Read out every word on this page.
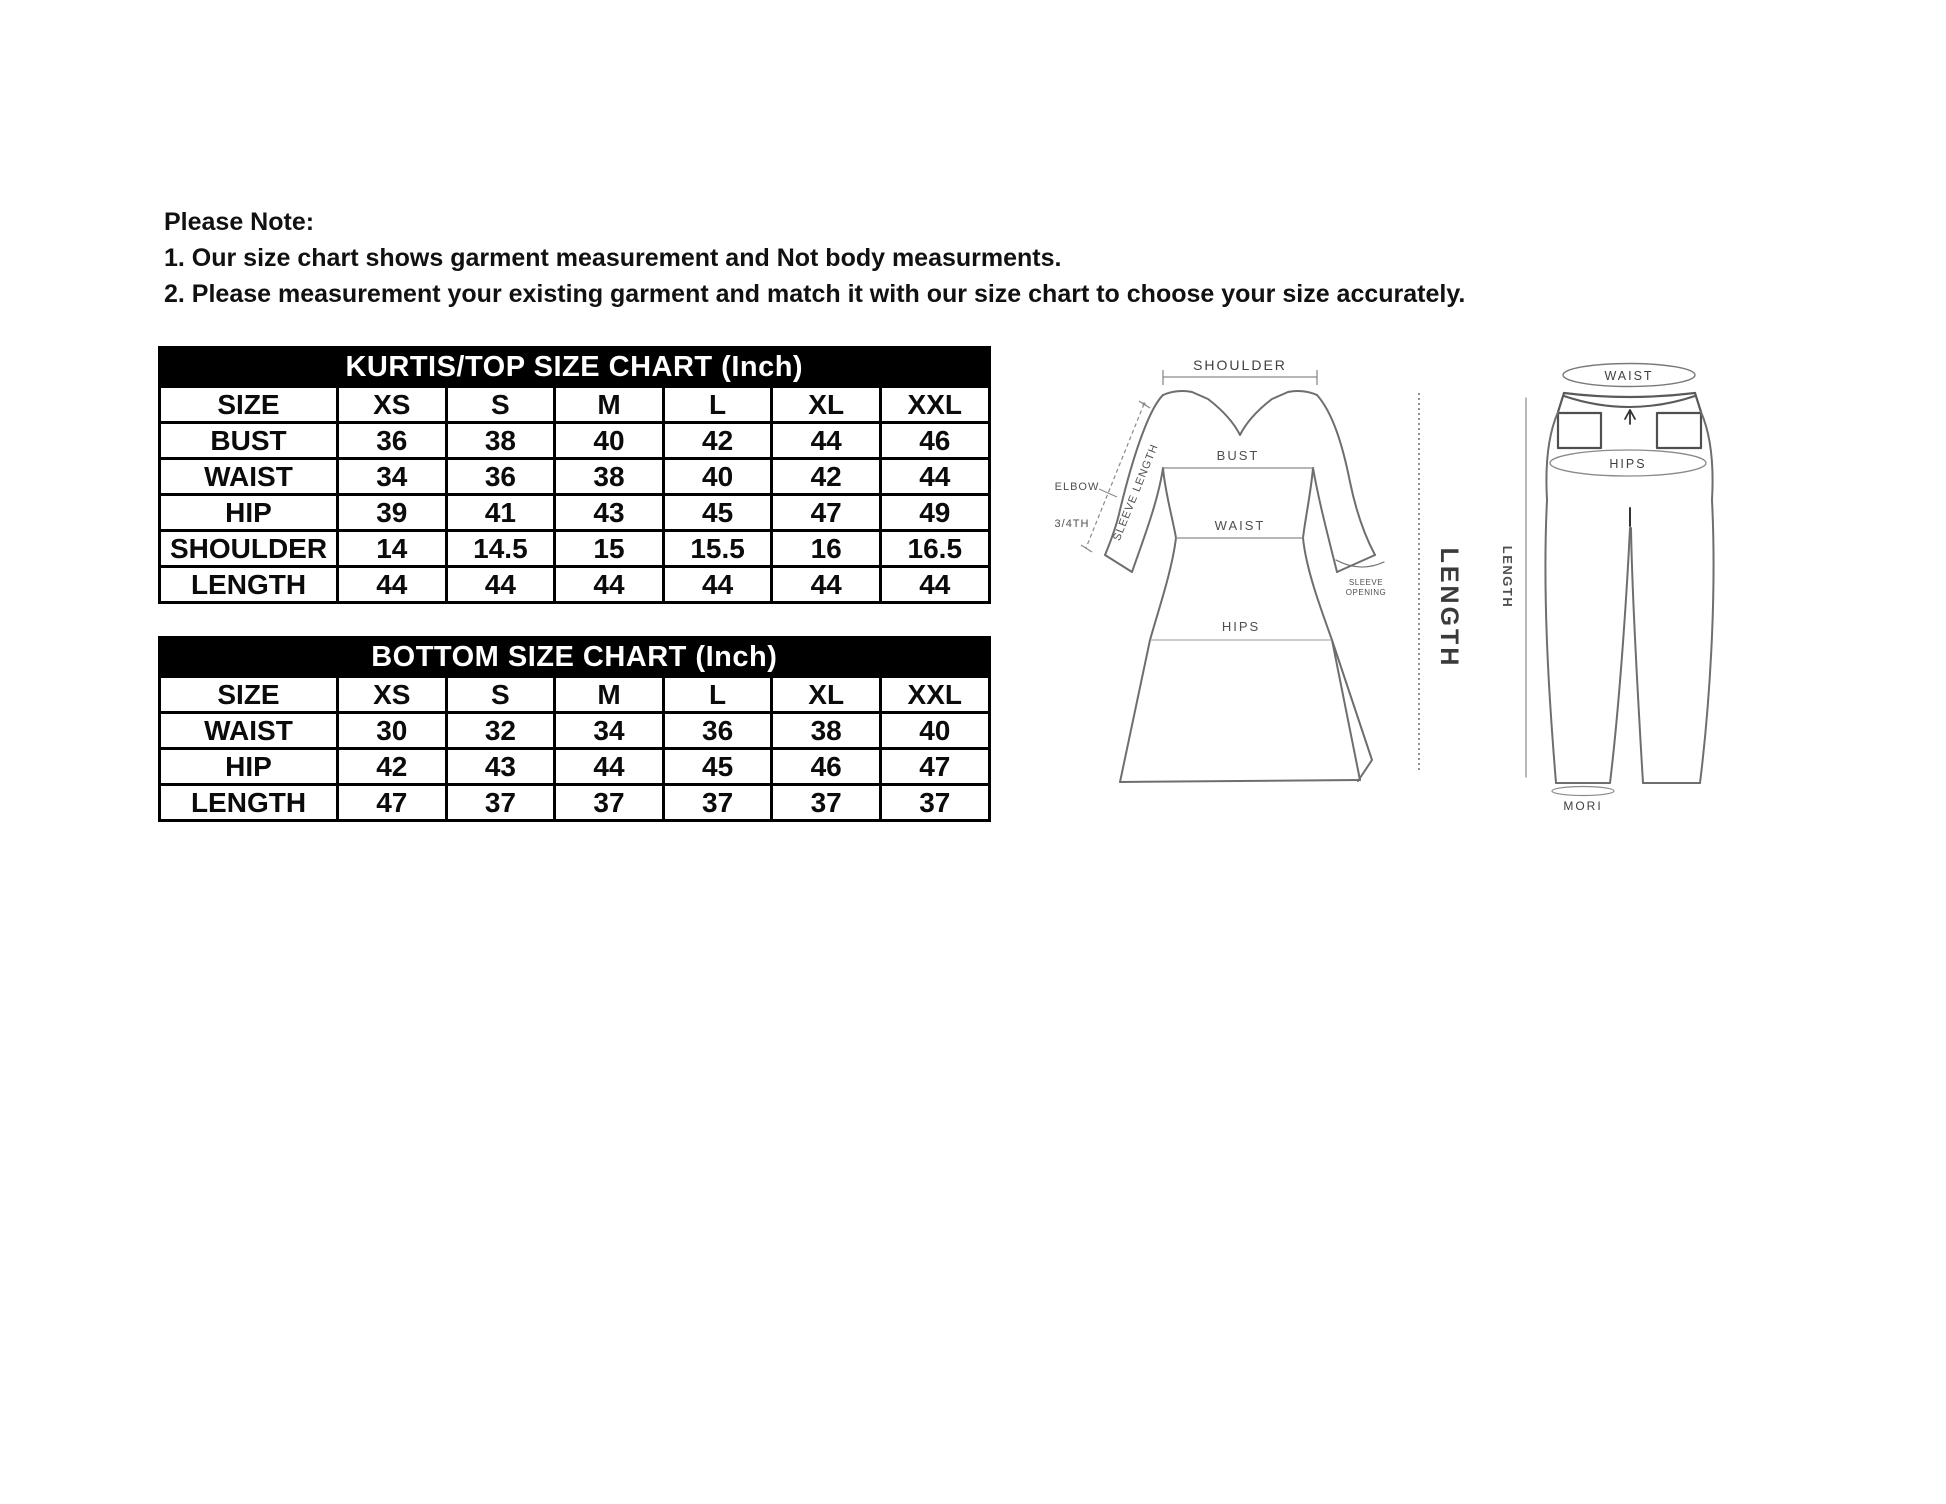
Please Note:

1. Our size chart shows garment measurement and Not body measurments.

2. Please measurement your existing garment and match it with our size chart to choose your size accurately.

KURTIS/TOP SIZE CHART (Inch)						
SIZE	XS	S	M	L	XL	XXL
BUST	36	38	40	42	44	46
WAIST	34	36	38	40	42	44
HIP	39	41	43	45	47	49
SHOULDER	14	14.5	15	15.5	16	16.5
LENGTH	44	44	44	44	44	44
BOTTOM SIZE CHART (Inch)						
SIZE	XS	S	M	L	XL	XXL
WAIST	30	32	34	36	38	40
HIP	42	43	44	45	46	47
LENGTH	47	37	37	37	37	37
SHOULDER
BUST
WAIST
HIPS
ELBOW
3/4TH SLEEVE LENGTH
SLEEVE
OPENING LENGTH
WAIST
HIPS
LENGTH
MORI
